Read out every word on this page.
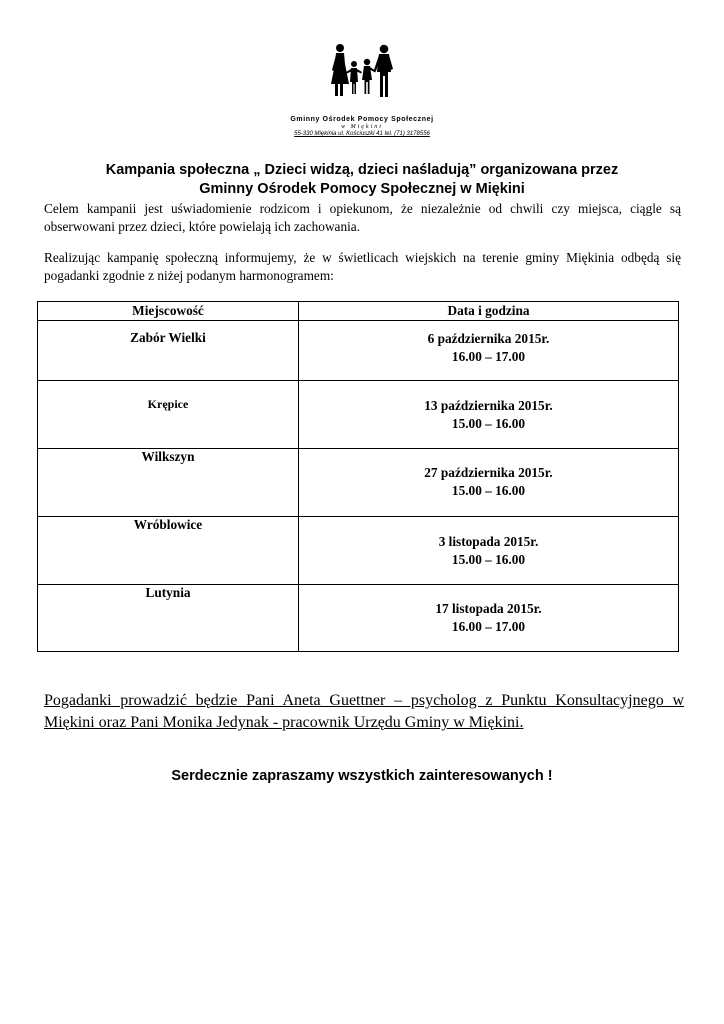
Gminny Ośrodek Pomocy Społecznej
w Miękini
55-330 Miękinia ul. Kościuszki 41 tel. (71) 3178556
Kampania społeczna „ Dzieci widzą, dzieci naśladują” organizowana przez
Gminny Ośrodek Pomocy Społecznej w Miękini
Celem kampanii jest uświadomienie rodzicom i opiekunom, że niezależnie od chwili czy miejsca, ciągle są obserwowani przez dzieci, które powielają ich zachowania.
Realizując kampanię społeczną informujemy, że w świetlicach wiejskich na terenie gminy Miękinia odbędą się pogadanki zgodnie z niżej podanym harmonogramem:
Miejscowość	Data i godzina

Zabór Wielki	6 października 2015r.
16.00 – 17.00

Krępice	13 października 2015r.
15.00 – 16.00

Wilkszyn	27 października 2015r.
15.00 – 16.00

Wróblowice	3 listopada 2015r.
15.00 – 16.00

Lutynia	17 listopada 2015r.
16.00 – 17.00
Pogadanki prowadzić będzie Pani Aneta Guettner – psycholog z Punktu Konsultacyjnego w Miękini oraz Pani Monika Jedynak - pracownik Urzędu Gminy w Miękini.
Serdecznie zapraszamy wszystkich zainteresowanych !
